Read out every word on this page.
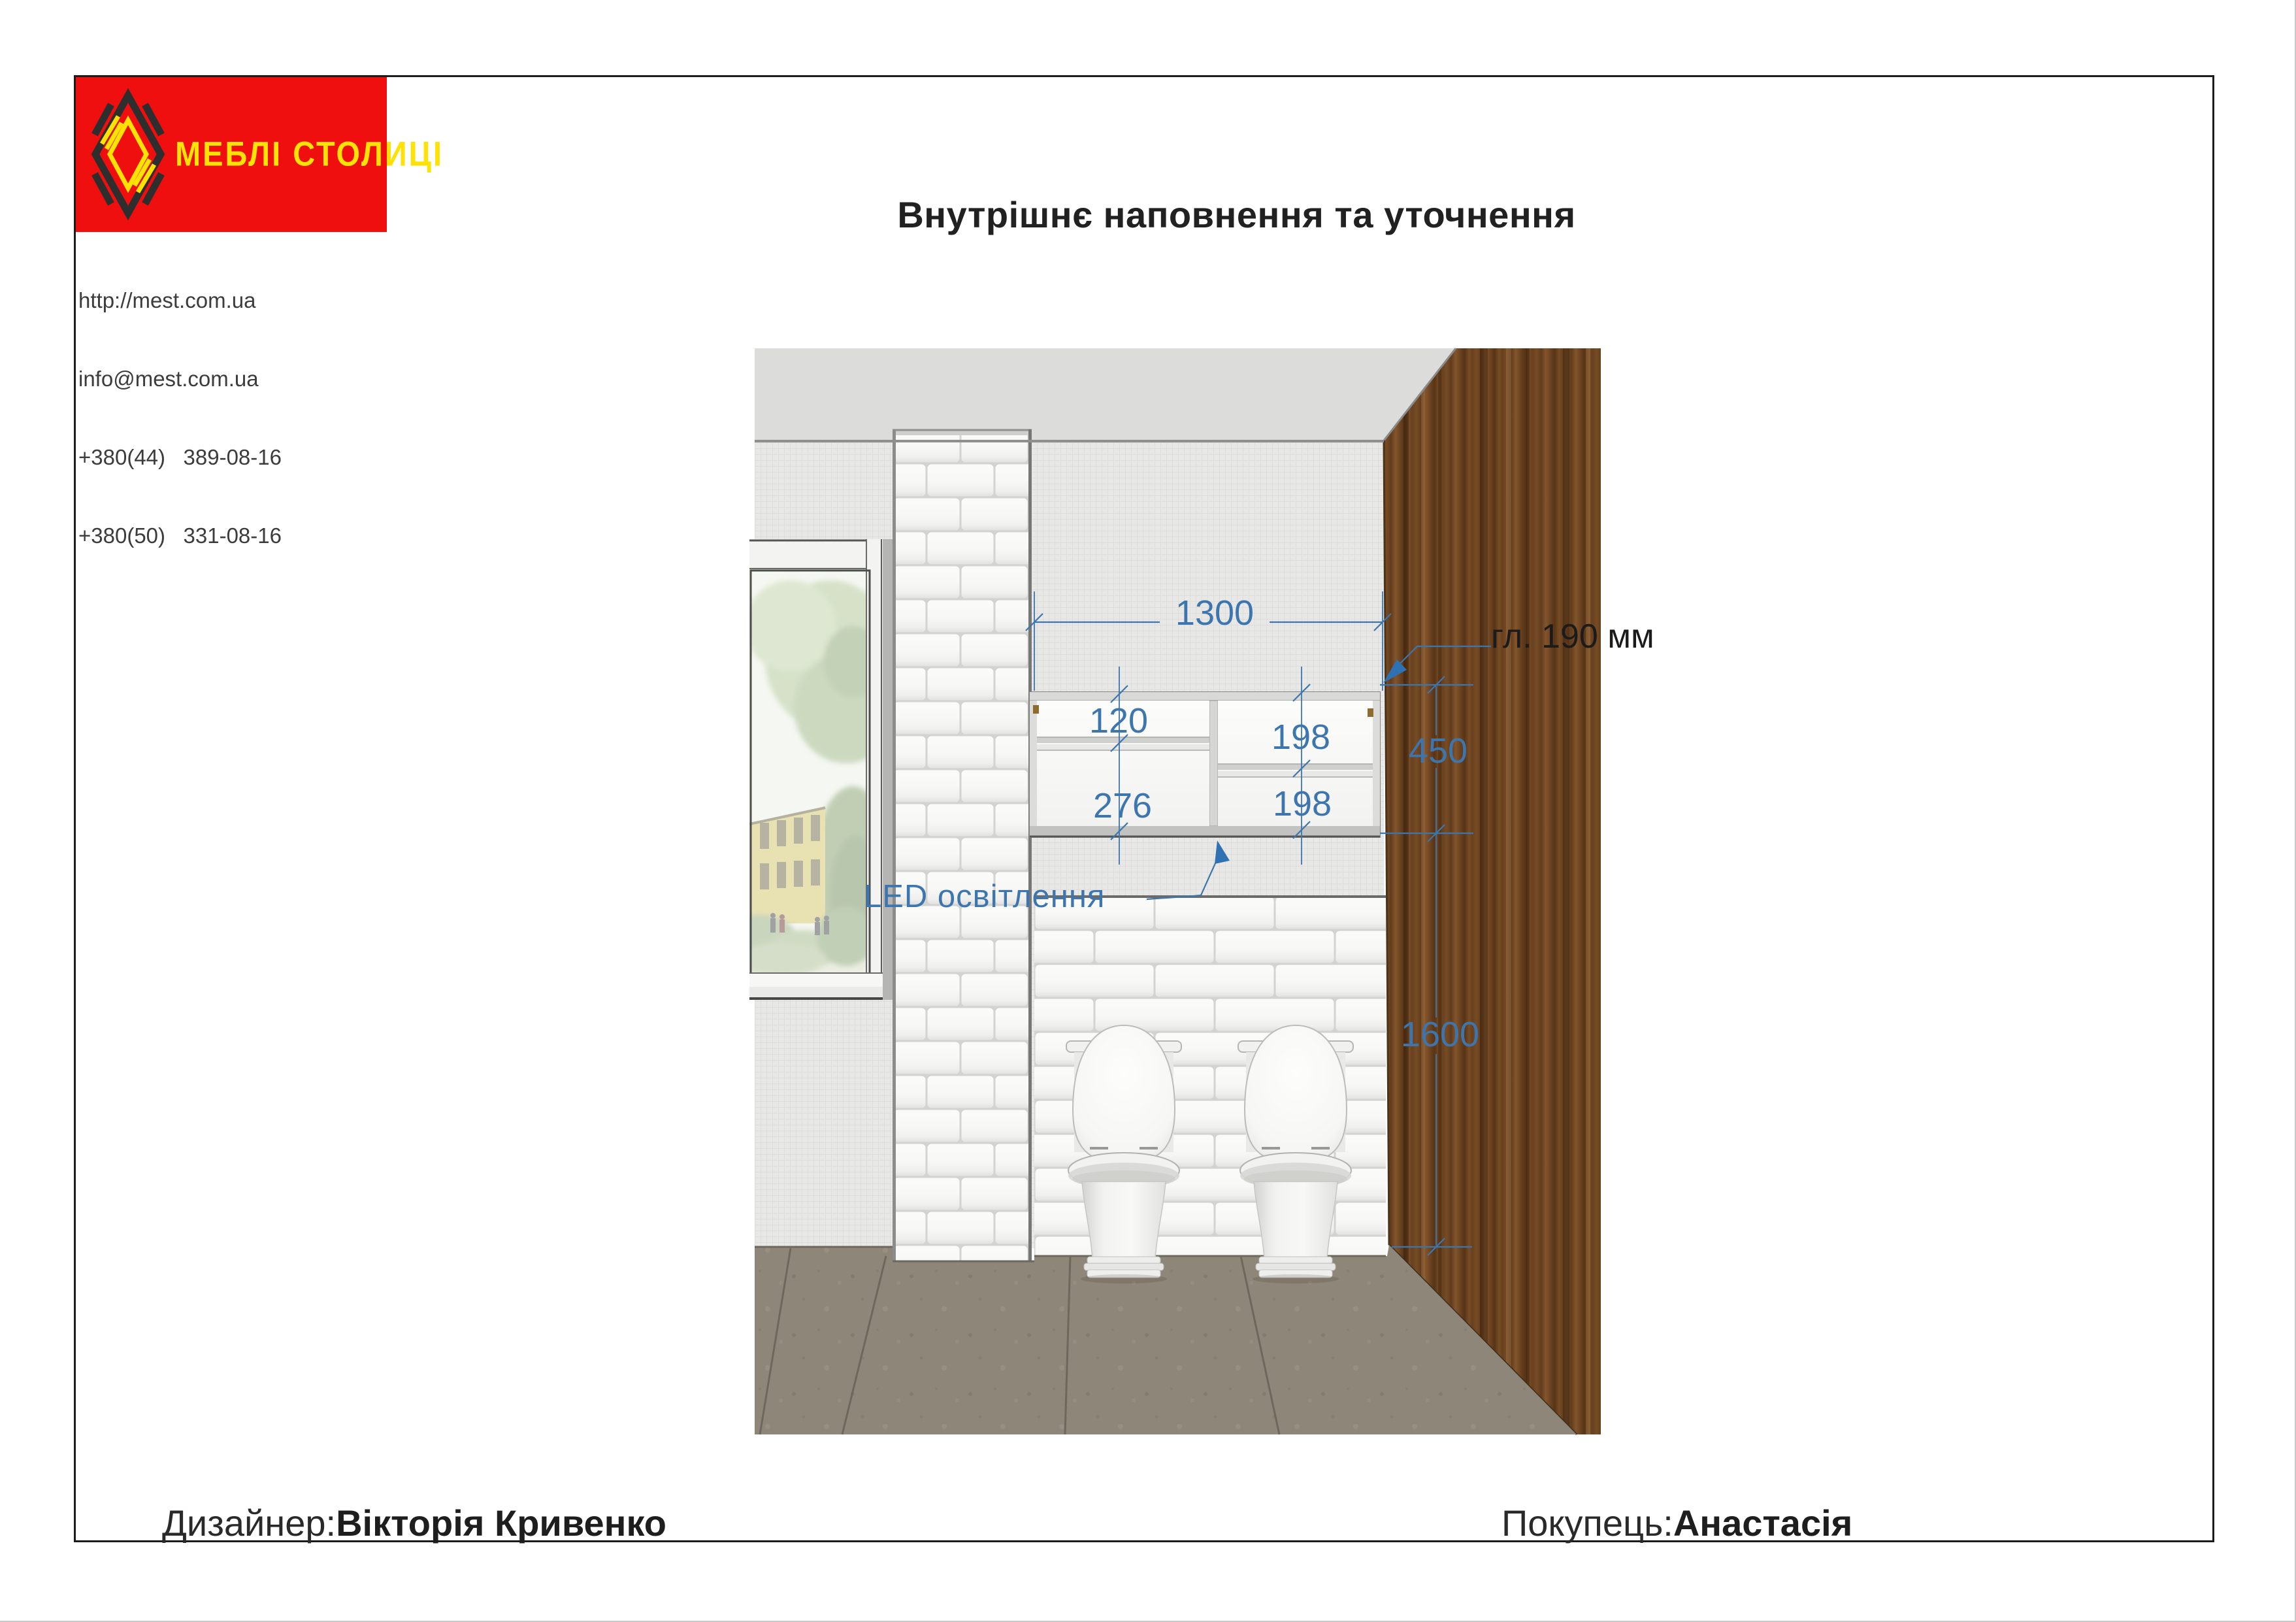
МЕБЛІ СТОЛИЦІ

http://mest.com.ua

info@mest.com.ua

+380(44)   389-08-16

+380(50)   331-08-16

Внутрішнє наповнення та уточнення
1300
120
276
198
198
450
1600
LED освітлення
гл. 190 мм
Дизайнер:Вікторія Кривенко	Покупець:Анастасія
